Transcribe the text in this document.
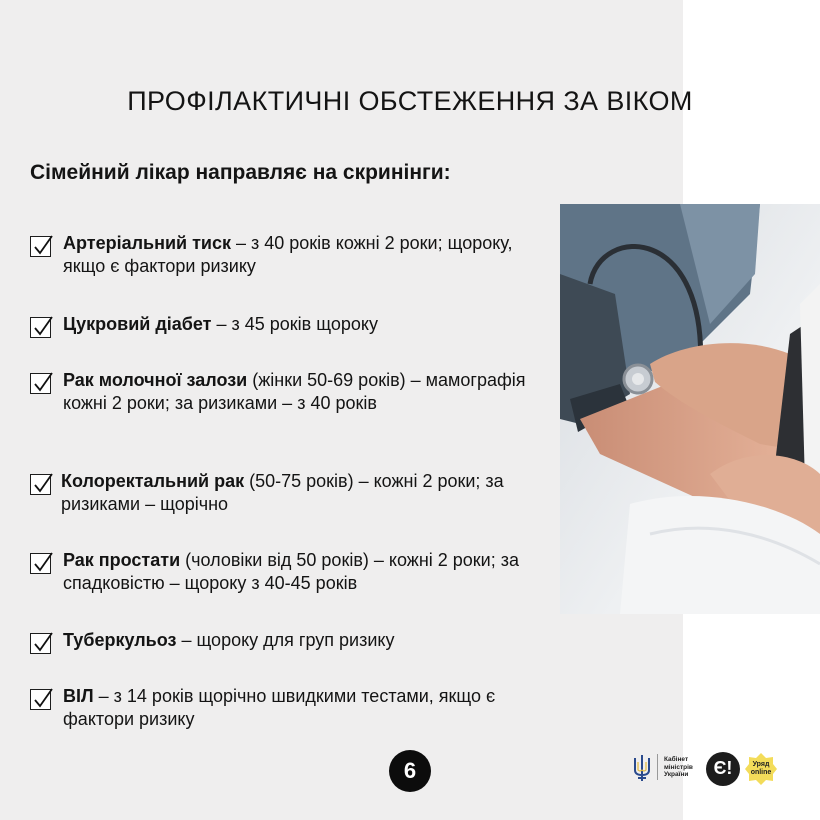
ПРОФІЛАКТИЧНІ ОБСТЕЖЕННЯ ЗА ВІКОМ
Сімейний лікар направляє на скринінги:
Артеріальний тиск – з 40 років кожні 2 роки; щороку, якщо є фактори ризику
Цукровий діабет – з 45 років щороку
Рак молочної залози (жінки 50-69 років) – мамографія кожні 2 роки; за ризиками – з 40 років
Колоректальний рак (50-75 років) – кожні 2 роки; за ризиками – щорічно
Рак простати (чоловіки від 50 років) – кожні 2 роки; за спадковістю – щороку з 40-45 років
Туберкульоз – щороку для груп ризику
ВІЛ – з 14 років щорічно швидкими тестами, якщо є фактори ризику
6	Кабінет
міністрів
України	Є!	Уряд
online
